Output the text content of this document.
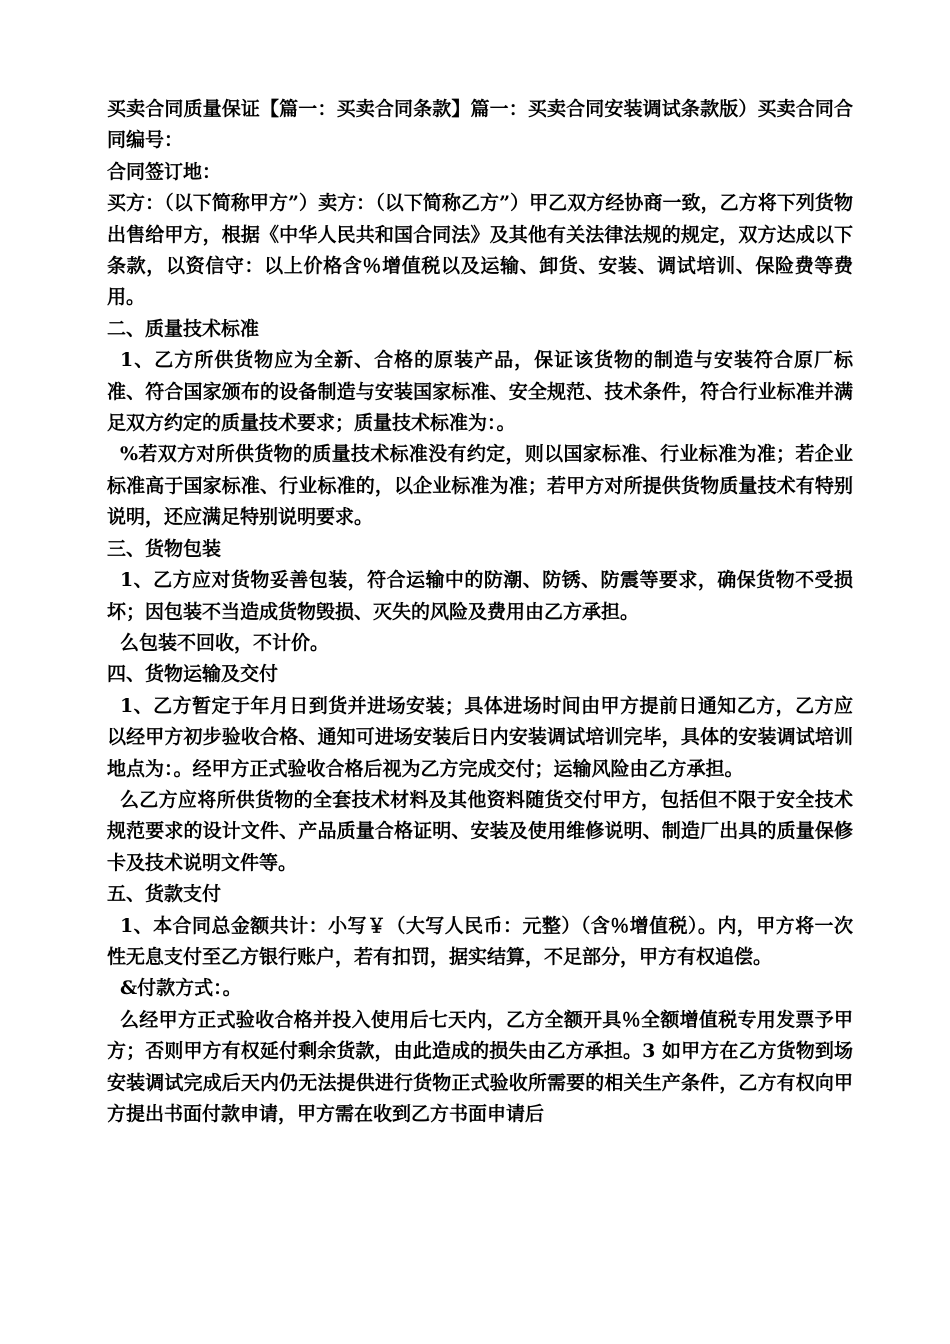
买卖合同质量保证【篇一：买卖合同条款】篇一：买卖合同安装调试条款版）买卖合同合同编号：

合同签订地：

买方：（以下简称甲方”）卖方：（以下简称乙方”）甲乙双方经协商一致，乙方将下列货物出售给甲方，根据《中华人民共和国合同法》及其他有关法律法规的规定，双方达成以下条款，以资信守：以上价格含％增值税以及运输、卸货、安装、调试培训、保险费等费用。

二、质量技术标准

1、乙方所供货物应为全新、合格的原装产品，保证该货物的制造与安装符合原厂标准、符合国家颁布的设备制造与安装国家标准、安全规范、技术条件，符合行业标准并满足双方约定的质量技术要求；质量技术标准为：。

%若双方对所供货物的质量技术标准没有约定，则以国家标准、行业标准为准；若企业标准高于国家标准、行业标准的，以企业标准为准；若甲方对所提供货物质量技术有特别说明，还应满足特别说明要求。

三、货物包装

1、乙方应对货物妥善包装，符合运输中的防潮、防锈、防震等要求，确保货物不受损坏；因包装不当造成货物毁损、灭失的风险及费用由乙方承担。

么包装不回收，不计价。

四、货物运输及交付

1、乙方暂定于年月日到货并进场安装；具体进场时间由甲方提前日通知乙方，乙方应以经甲方初步验收合格、通知可进场安装后日内安装调试培训完毕，具体的安装调试培训地点为：。经甲方正式验收合格后视为乙方完成交付；运输风险由乙方承担。

么乙方应将所供货物的全套技术材料及其他资料随货交付甲方，包括但不限于安全技术规范要求的设计文件、产品质量合格证明、安装及使用维修说明、制造厂出具的质量保修卡及技术说明文件等。

五、货款支付

1、本合同总金额共计：小写￥（大写人民币：元整）（含％增值税）。内，甲方将一次性无息支付至乙方银行账户，若有扣罚，据实结算，不足部分，甲方有权追偿。

&付款方式：。

么经甲方正式验收合格并投入使用后七天内，乙方全额开具％全额增值税专用发票予甲方；否则甲方有权延付剩余货款，由此造成的损失由乙方承担。3 如甲方在乙方货物到场安装调试完成后天内仍无法提供进行货物正式验收所需要的相关生产条件，乙方有权向甲方提出书面付款申请，甲方需在收到乙方书面申请后
